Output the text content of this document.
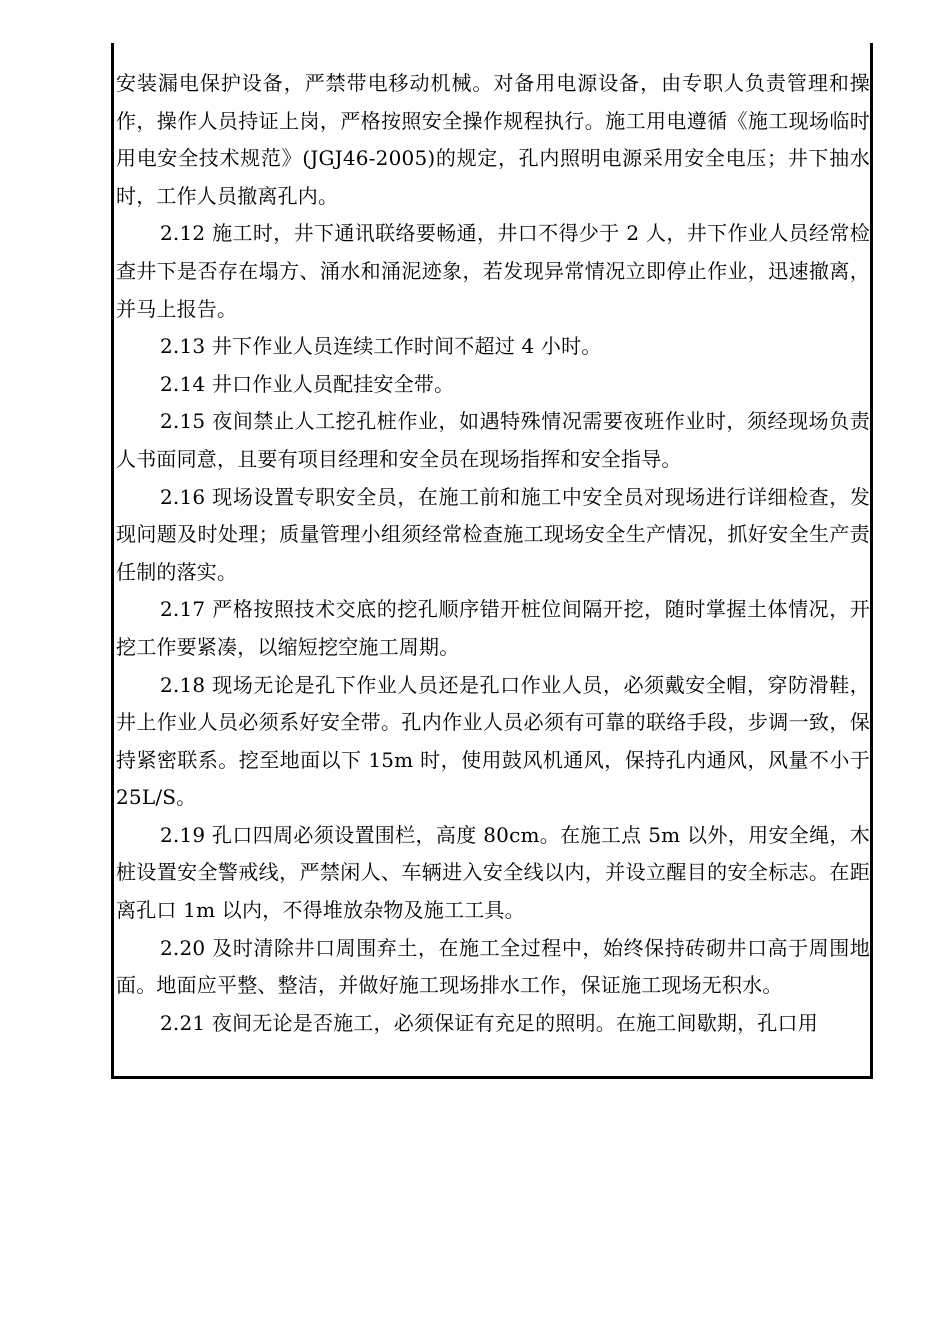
安装漏电保护设备，严禁带电移动机械。对备用电源设备，由专职人负责管理和操作，操作人员持证上岗，严格按照安全操作规程执行。施工用电遵循《施工现场临时用电安全技术规范》(JGJ46-2005)的规定，孔内照明电源采用安全电压；井下抽水时，工作人员撤离孔内。

2.12 施工时，井下通讯联络要畅通，井口不得少于 2 人，井下作业人员经常检查井下是否存在塌方、涌水和涌泥迹象，若发现异常情况立即停止作业，迅速撤离，并马上报告。

2.13 井下作业人员连续工作时间不超过 4 小时。

2.14 井口作业人员配挂安全带。

2.15 夜间禁止人工挖孔桩作业，如遇特殊情况需要夜班作业时，须经现场负责人书面同意，且要有项目经理和安全员在现场指挥和安全指导。

2.16 现场设置专职安全员，在施工前和施工中安全员对现场进行详细检查，发现问题及时处理；质量管理小组须经常检查施工现场安全生产情况，抓好安全生产责任制的落实。

2.17 严格按照技术交底的挖孔顺序错开桩位间隔开挖，随时掌握土体情况，开挖工作要紧凑，以缩短挖空施工周期。

2.18 现场无论是孔下作业人员还是孔口作业人员，必须戴安全帽，穿防滑鞋，井上作业人员必须系好安全带。孔内作业人员必须有可靠的联络手段，步调一致，保持紧密联系。挖至地面以下 15m 时，使用鼓风机通风，保持孔内通风，风量不小于 25L/S。

2.19 孔口四周必须设置围栏，高度 80cm。在施工点 5m 以外，用安全绳，木桩设置安全警戒线，严禁闲人、车辆进入安全线以内，并设立醒目的安全标志。在距离孔口 1m 以内，不得堆放杂物及施工工具。

2.20 及时清除井口周围弃土，在施工全过程中，始终保持砖砌井口高于周围地面。地面应平整、整洁，并做好施工现场排水工作，保证施工现场无积水。

2.21 夜间无论是否施工，必须保证有充足的照明。在施工间歇期，孔口用
